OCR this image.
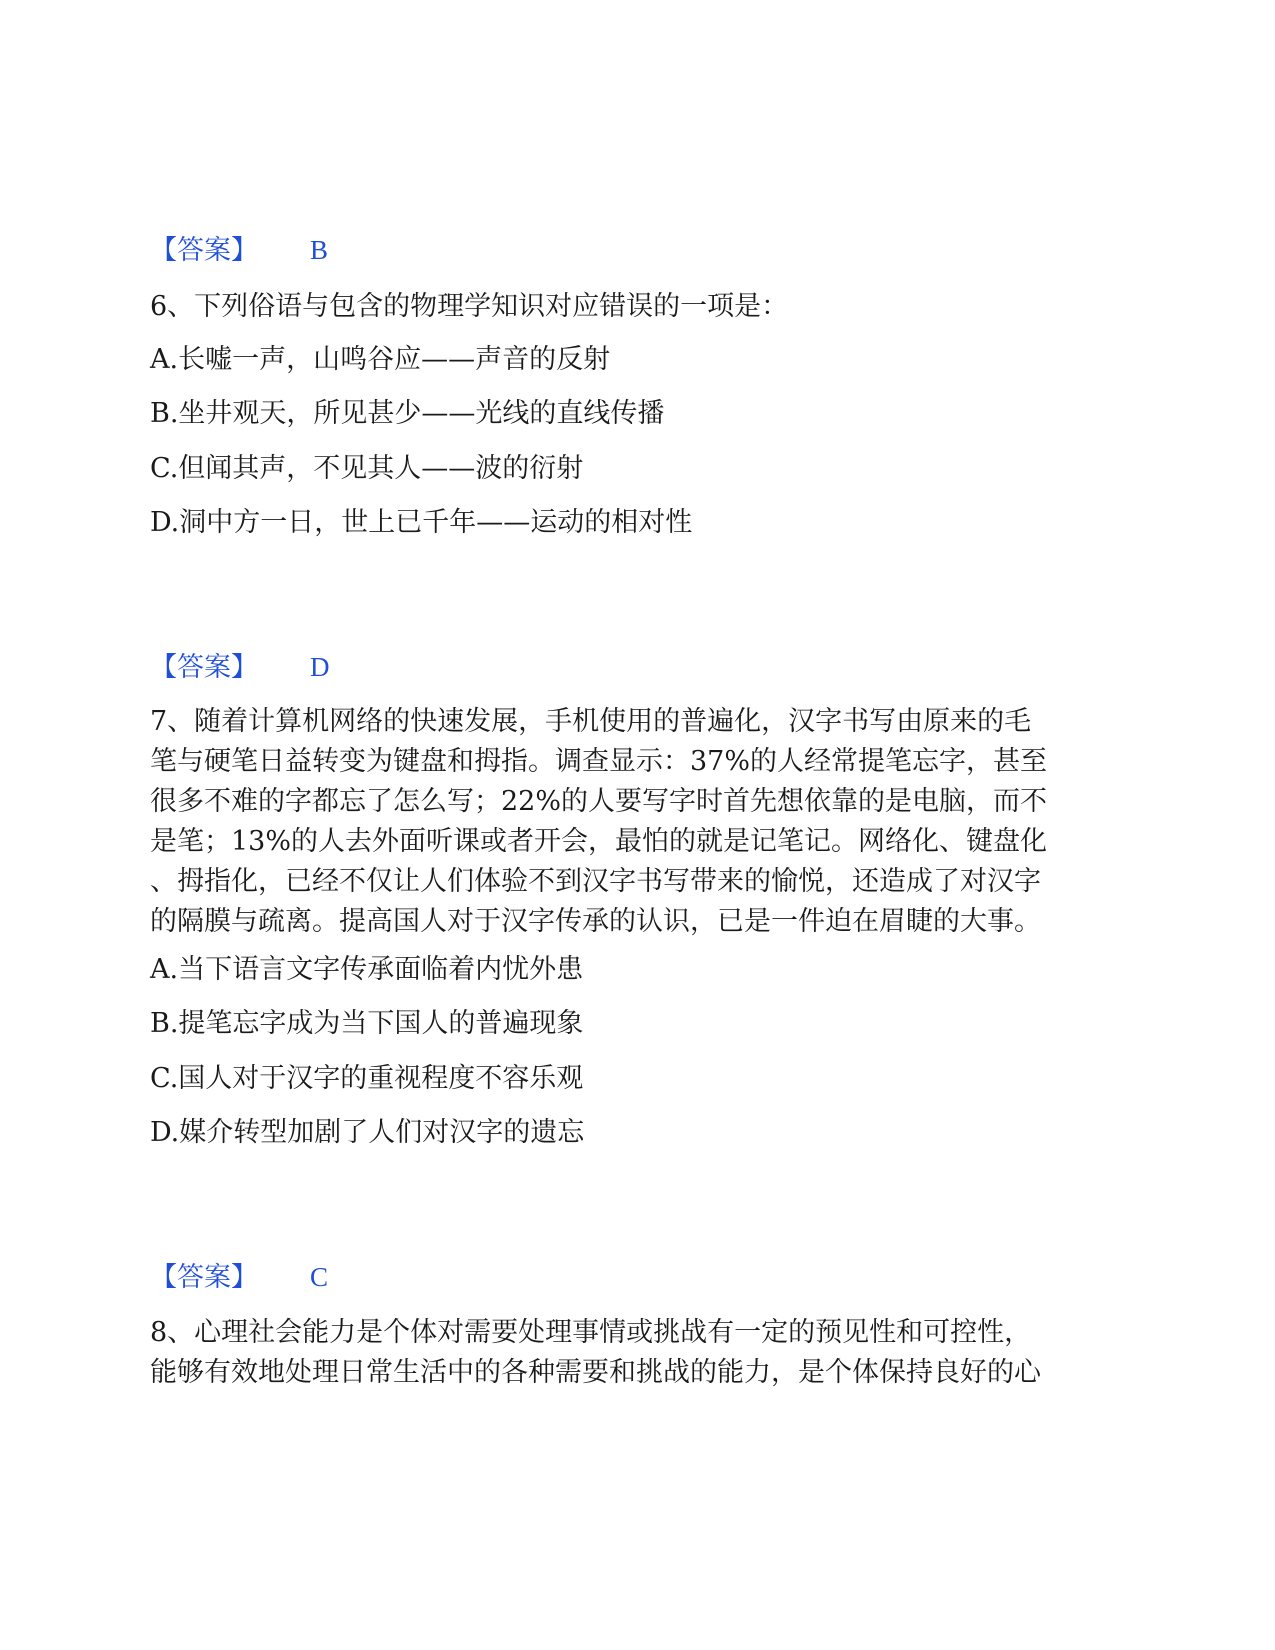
【答案】 B
6、下列俗语与包含的物理学知识对应错误的一项是：
A.长嘘一声，山鸣谷应——声音的反射
B.坐井观天，所见甚少——光线的直线传播
C.但闻其声，不见其人——波的衍射
D.洞中方一日，世上已千年——运动的相对性
【答案】 D
7、随着计算机网络的快速发展，手机使用的普遍化，汉字书写由原来的毛
笔与硬笔日益转变为键盘和拇指。调查显示：37%的人经常提笔忘字，甚至
很多不难的字都忘了怎么写；22%的人要写字时首先想依靠的是电脑，而不
是笔；13%的人去外面听课或者开会，最怕的就是记笔记。网络化、键盘化
、拇指化，已经不仅让人们体验不到汉字书写带来的愉悦，还造成了对汉字
的隔膜与疏离。提高国人对于汉字传承的认识，已是一件迫在眉睫的大事。
A.当下语言文字传承面临着内忧外患
B.提笔忘字成为当下国人的普遍现象
C.国人对于汉字的重视程度不容乐观
D.媒介转型加剧了人们对汉字的遗忘
【答案】 C
8、心理社会能力是个体对需要处理事情或挑战有一定的预见性和可控性，
能够有效地处理日常生活中的各种需要和挑战的能力，是个体保持良好的心
